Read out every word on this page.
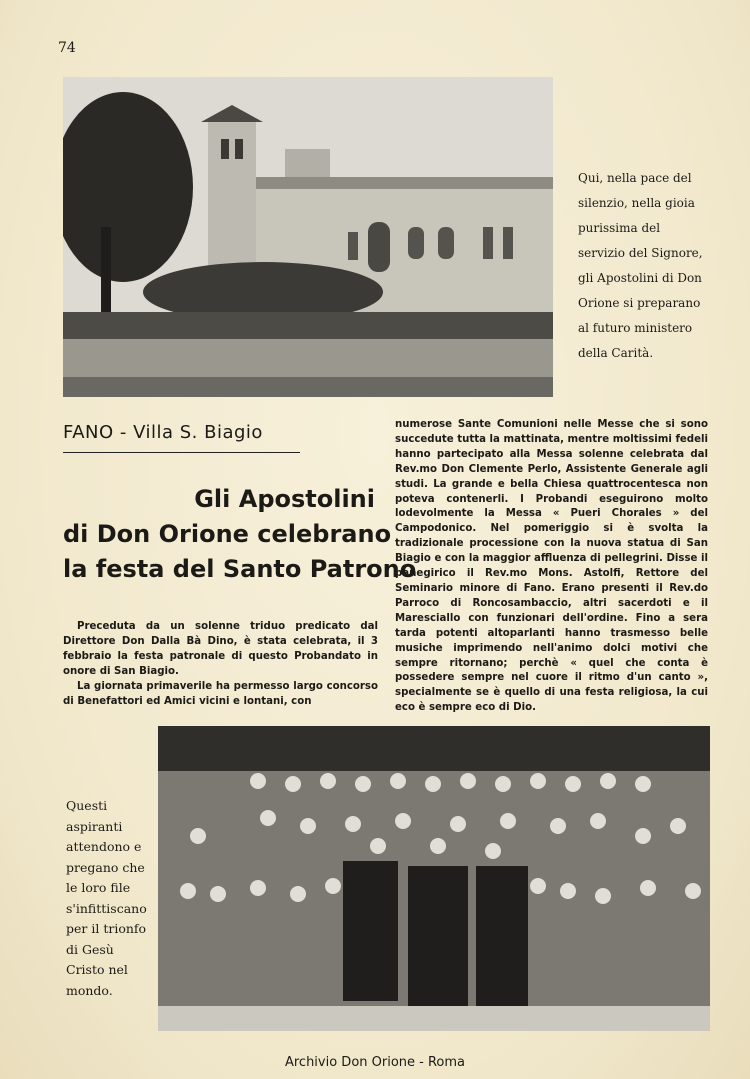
74
Qui, nella pace del silenzio, nella gioia purissima del servizio del Signore, gli Apostolini di Don Orione si preparano al futuro ministero della Carità.
FANO - Villa S. Biagio
Gli Apostolini
di Don Orione celebrano
la festa del Santo Patrono

Preceduta da un solenne triduo predicato dal Direttore Don Dalla Bà Dino, è stata celebrata, il 3 febbraio la festa patronale di questo Probandato in onore di San Biagio.

La giornata primaverile ha permesso largo concorso di Benefattori ed Amici vicini e lontani, con

numerose Sante Comunioni nelle Messe che si sono succedute tutta la mattinata, mentre moltissimi fedeli hanno partecipato alla Messa solenne celebrata dal Rev.mo Don Clemente Perlo, Assistente Generale agli studi. La grande e bella Chiesa quattrocentesca non poteva contenerli. I Probandi eseguirono molto lodevolmente la Messa « Pueri Chorales » del Campodonico. Nel pomeriggio si è svolta la tradizionale processione con la nuova statua di San Biagio e con la maggior affluenza di pellegrini. Disse il panegirico il Rev.mo Mons. Astolfi, Rettore del Seminario minore di Fano. Erano presenti il Rev.do Parroco di Roncosambaccio, altri sacerdoti e il Maresciallo con funzionari dell'ordine. Fino a sera tarda potenti altoparlanti hanno trasmesso belle musiche imprimendo nell'animo dolci motivi che sempre ritornano; perchè « quel che conta è possedere sempre nel cuore il ritmo d'un canto », specialmente se è quello di una festa religiosa, la cui eco è sempre eco di Dio.

Questi aspiranti attendono e pregano che le loro file s'infittiscano per il trionfo di Gesù Cristo nel mondo.
Archivio Don Orione - Roma
